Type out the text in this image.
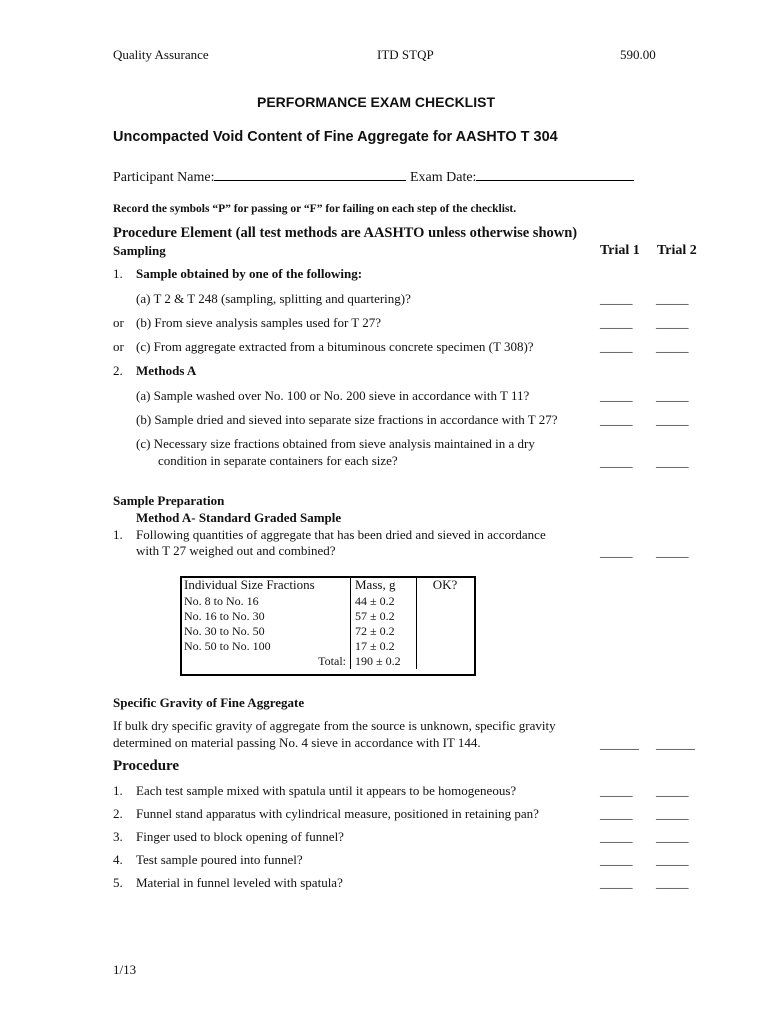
Quality Assurance	ITD STQP	590.00
PERFORMANCE EXAM CHECKLIST
Uncompacted Void Content of Fine Aggregate for AASHTO T 304
Participant Name:	Exam Date:
Record the symbols “P” for passing or “F” for failing on each step of the checklist.
Procedure Element (all test methods are AASHTO unless otherwise shown)
Sampling	Trial 1 Trial 2
1. Sample obtained by one of the following:
(a) T 2 & T 248 (sampling, splitting and quartering)?	_____ _____
or (b) From sieve analysis samples used for T 27?	_____ _____
or (c) From aggregate extracted from a bituminous concrete specimen (T 308)?	_____ _____
2. Methods A
(a) Sample washed over No. 100 or No. 200 sieve in accordance with T 11?	_____ _____
(b) Sample dried and sieved into separate size fractions in accordance with T 27?	_____ _____
(c) Necessary size fractions obtained from sieve analysis maintained in a dry
condition in separate containers for each size?	_____ _____
Sample Preparation
Method A- Standard Graded Sample
1. Following quantities of aggregate that has been dried and sieved in accordance
with T 27 weighed out and combined?	_____ _____
Individual Size Fractions	Mass, g	OK?
No. 8 to No. 16	44 ± 0.2	
No. 16 to No. 30	57 ± 0.2	
No. 30 to No. 50	72 ± 0.2	
No. 50 to No. 100	17 ± 0.2	
Total:	190 ± 0.2	
Specific Gravity of Fine Aggregate
If bulk dry specific gravity of aggregate from the source is unknown, specific gravity
determined on material passing No. 4 sieve in accordance with IT 144.	______ ______
Procedure
1. Each test sample mixed with spatula until it appears to be homogeneous?	_____ _____
2. Funnel stand apparatus with cylindrical measure, positioned in retaining pan?	_____ _____
3. Finger used to block opening of funnel?	_____ _____
4. Test sample poured into funnel?	_____ _____
5. Material in funnel leveled with spatula?	_____ _____
1/13
